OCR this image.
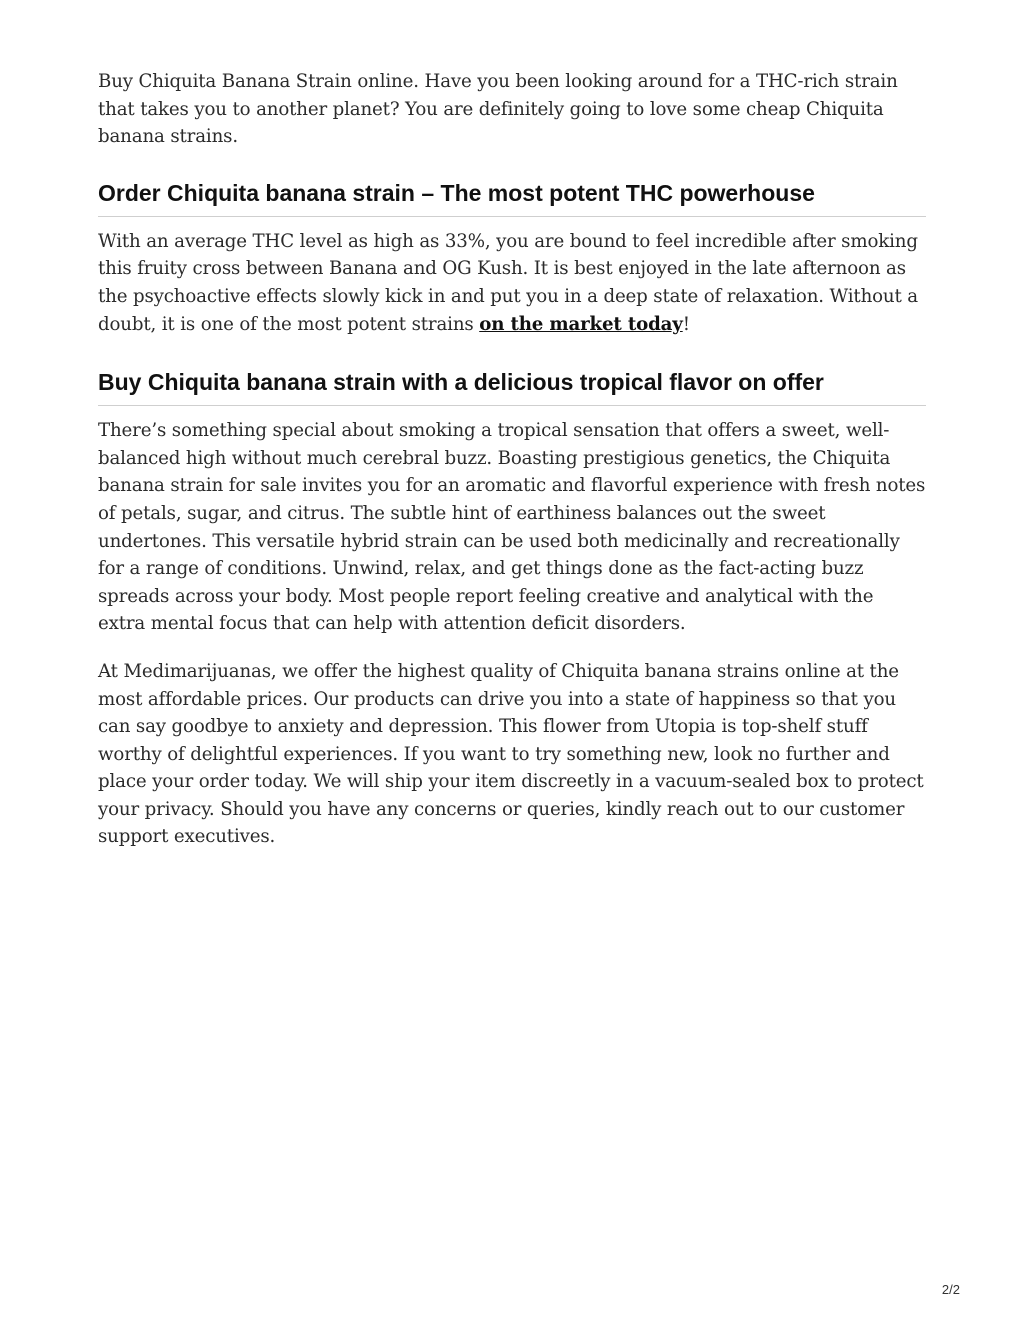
Buy Chiquita Banana Strain online. Have you been looking around for a THC-rich strain that takes you to another planet? You are definitely going to love some cheap Chiquita banana strains.

Order Chiquita banana strain – The most potent THC powerhouse

With an average THC level as high as 33%, you are bound to feel incredible after smoking this fruity cross between Banana and OG Kush. It is best enjoyed in the late afternoon as the psychoactive effects slowly kick in and put you in a deep state of relaxation. Without a doubt, it is one of the most potent strains on the market today!

Buy Chiquita banana strain with a delicious tropical flavor on offer

There’s something special about smoking a tropical sensation that offers a sweet, well-balanced high without much cerebral buzz. Boasting prestigious genetics, the Chiquita banana strain for sale invites you for an aromatic and flavorful experience with fresh notes of petals, sugar, and citrus. The subtle hint of earthiness balances out the sweet undertones. This versatile hybrid strain can be used both medicinally and recreationally for a range of conditions. Unwind, relax, and get things done as the fact-acting buzz spreads across your body. Most people report feeling creative and analytical with the extra mental focus that can help with attention deficit disorders.

At Medimarijuanas, we offer the highest quality of Chiquita banana strains online at the most affordable prices. Our products can drive you into a state of happiness so that you can say goodbye to anxiety and depression. This flower from Utopia is top-shelf stuff worthy of delightful experiences. If you want to try something new, look no further and place your order today. We will ship your item discreetly in a vacuum-sealed box to protect your privacy. Should you have any concerns or queries, kindly reach out to our customer support executives.

2/2
